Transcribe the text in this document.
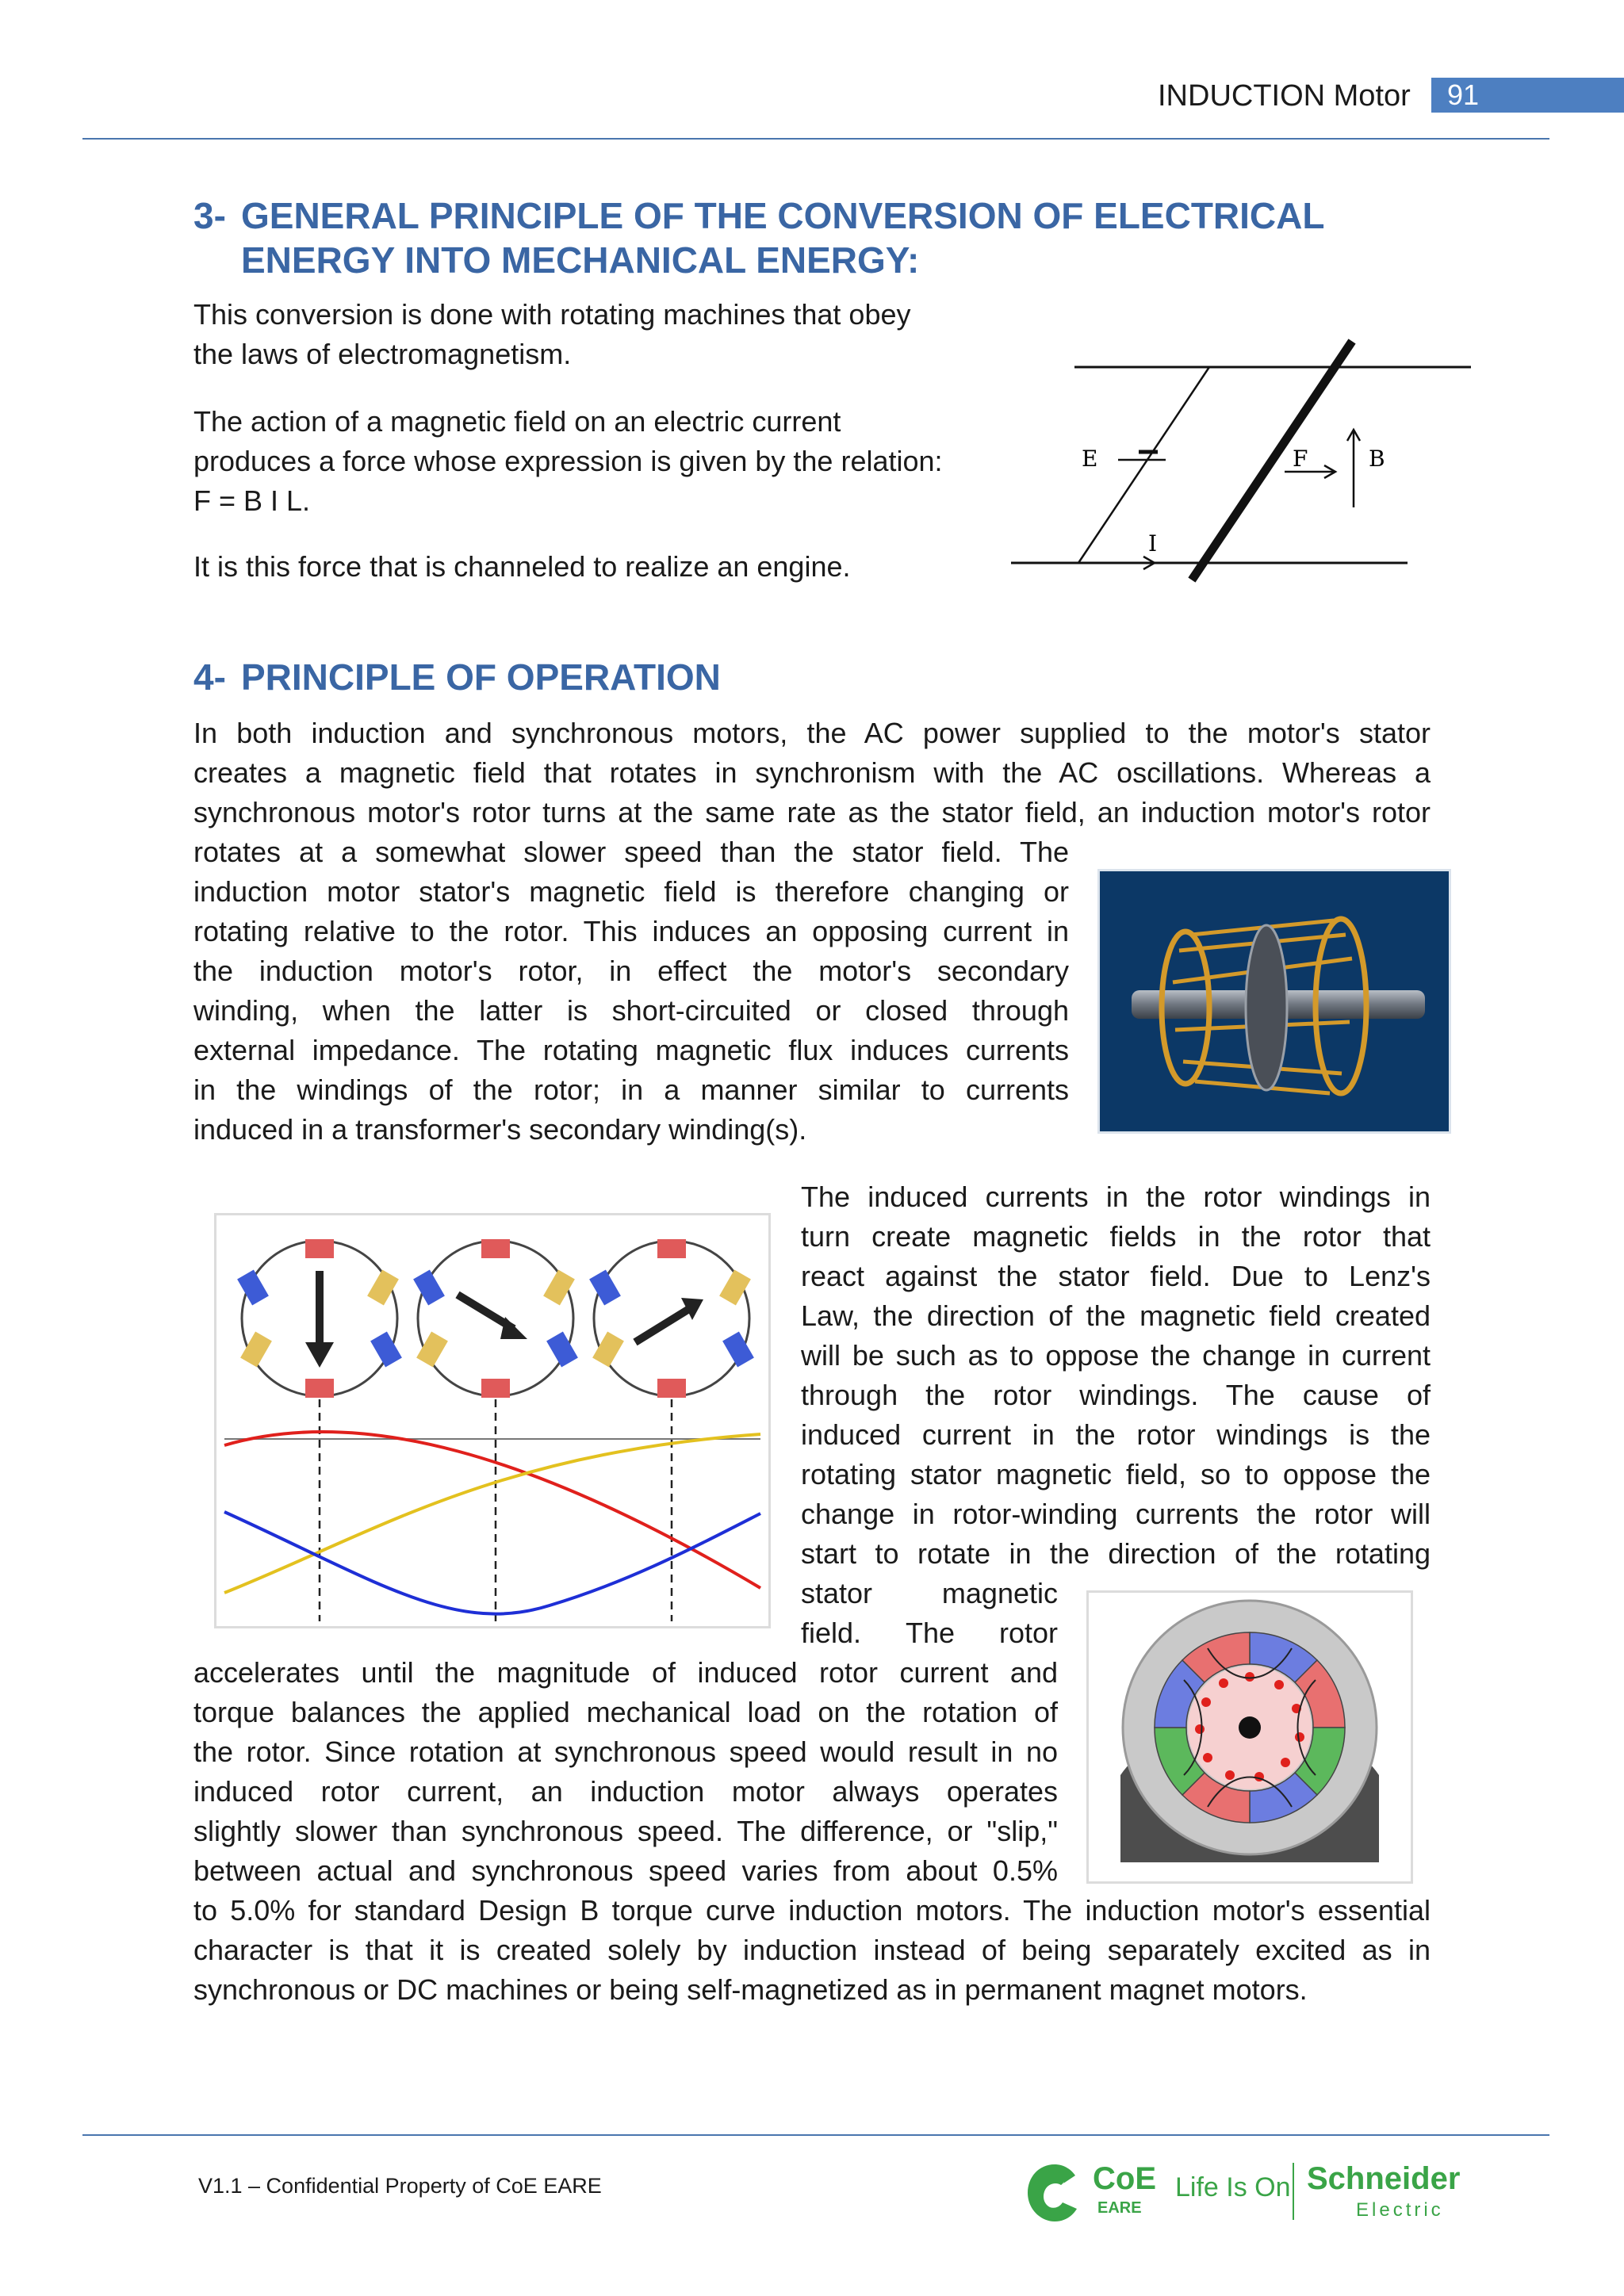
INDUCTION Motor	91
3- GENERAL PRINCIPLE OF THE CONVERSION OF ELECTRICAL
ENERGY INTO MECHANICAL ENERGY:
This conversion is done with rotating machines that obey
the laws of electromagnetism.
The action of a magnetic field on an electric current
produces a force whose expression is given by the relation:
F = B I L.
It is this force that is channeled to realize an engine.
E	F	B
I
4- PRINCIPLE OF OPERATION
In both induction and synchronous motors, the AC power supplied to the motor's stator
creates a magnetic field that rotates in synchronism with the AC oscillations. Whereas a
synchronous motor's rotor turns at the same rate as the stator field, an induction motor's rotor
rotates at a somewhat slower speed than the stator field. The
induction motor stator's magnetic field is therefore changing or
rotating relative to the rotor. This induces an opposing current in
the induction motor's rotor, in effect the motor's secondary
winding, when the latter is short-circuited or closed through
external impedance. The rotating magnetic flux induces currents
in the windings of the rotor; in a manner similar to currents
induced in a transformer's secondary winding(s).
The induced currents in the rotor windings in
turn create magnetic fields in the rotor that
react against the stator field. Due to Lenz's
Law, the direction of the magnetic field created
will be such as to oppose the change in current
through the rotor windings. The cause of
induced current in the rotor windings is the
rotating stator magnetic field, so to oppose the
change in rotor-winding currents the rotor will
start to rotate in the direction of the rotating
stator magnetic
field. The rotor
accelerates until the magnitude of induced rotor current and
torque balances the applied mechanical load on the rotation of
the rotor. Since rotation at synchronous speed would result in no
induced rotor current, an induction motor always operates
slightly slower than synchronous speed. The difference, or "slip,"
between actual and synchronous speed varies from about 0.5%
to 5.0% for standard Design B torque curve induction motors. The induction motor's essential
character is that it is created solely by induction instead of being separately excited as in
synchronous or DC machines or being self-magnetized as in permanent magnet motors.
V1.1 – Confidential Property of CoE EARE	CoE
EARE
Life Is On Schneider
Electric
